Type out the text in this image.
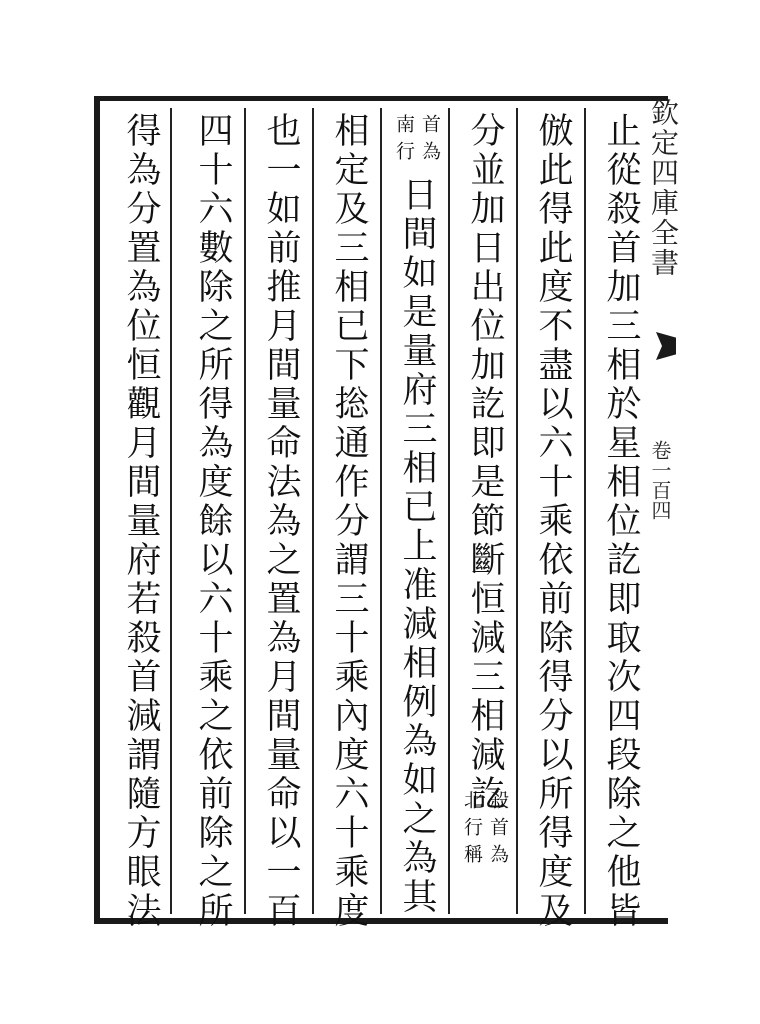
欽定四庫全書
卷一百四
止從殺首加三相於星相位訖即取次四段除之他皆
倣此得此度不盡以六十乘依前除得分以所得度及
分並加日出位加訖即是節斷恒減三相減訖
殺首為
北行稱
首為
南行
日間如是量府三相已上准減相例為如之為其
相定及三相已下捴通作分謂三十乘內度六十乘度
也一如前推月間量命法為之置為月間量命以一百
四十六數除之所得為度餘以六十乘之依前除之所
得為分置為位恒觀月間量府若殺首減謂隨方眼法
